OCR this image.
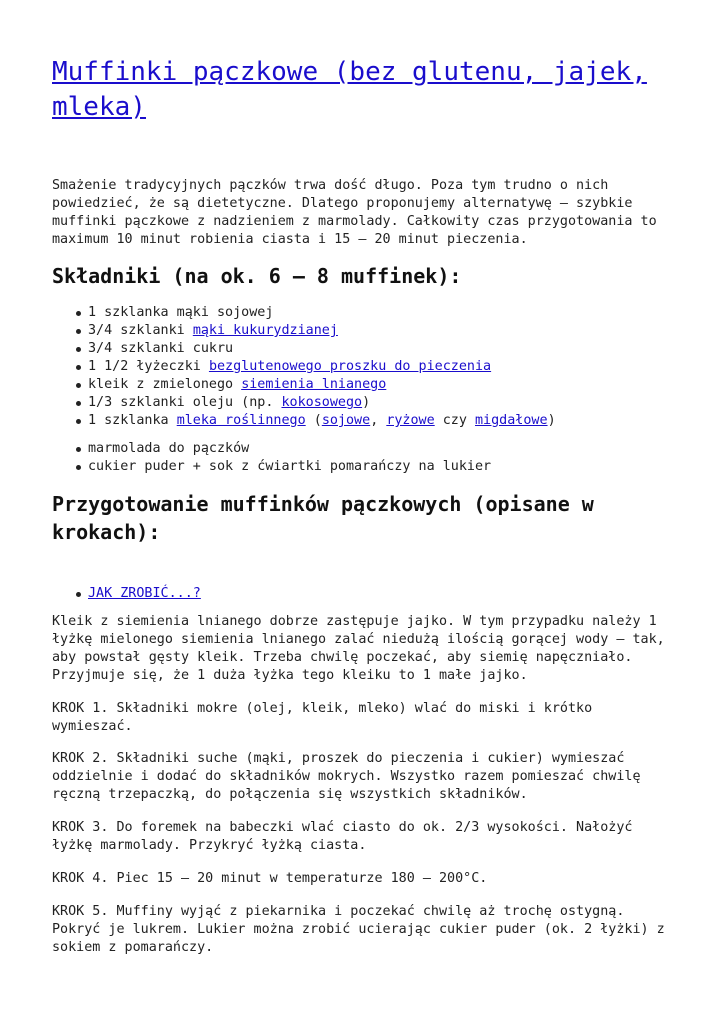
Muffinki pączkowe (bez glutenu, jajek, mleka)

Smażenie tradycyjnych pączków trwa dość długo. Poza tym trudno o nich powiedzieć, że są dietetyczne. Dlatego proponujemy alternatywę – szybkie muffinki pączkowe z nadzieniem z marmolady. Całkowity czas przygotowania to maximum 10 minut robienia ciasta i 15 – 20 minut pieczenia.

Składniki (na ok. 6 – 8 muffinek):
1 szklanka mąki sojowej
3/4 szklanki mąki kukurydzianej
3/4 szklanki cukru
1 1/2 łyżeczki bezglutenowego proszku do pieczenia
kleik z zmielonego siemienia lnianego
1/3 szklanki oleju (np. kokosowego)
1 szklanka mleka roślinnego (sojowe, ryżowe czy migdałowe)
marmolada do pączków
cukier puder + sok z ćwiartki pomarańczy na lukier
Przygotowanie muffinków pączkowych (opisane w krokach):
JAK ZROBIĆ...?

Kleik z siemienia lnianego dobrze zastępuje jajko. W tym przypadku należy 1 łyżkę mielonego siemienia lnianego zalać niedużą ilością gorącej wody – tak, aby powstał gęsty kleik. Trzeba chwilę poczekać, aby siemię napęczniało. Przyjmuje się, że 1 duża łyżka tego kleiku to 1 małe jajko.

KROK 1. Składniki mokre (olej, kleik, mleko) wlać do miski i krótko wymieszać.

KROK 2. Składniki suche (mąki, proszek do pieczenia i cukier) wymieszać oddzielnie i dodać do składników mokrych. Wszystko razem pomieszać chwilę ręczną trzepaczką, do połączenia się wszystkich składników.

KROK 3. Do foremek na babeczki wlać ciasto do ok. 2/3 wysokości. Nałożyć łyżkę marmolady. Przykryć łyżką ciasta.

KROK 4. Piec 15 – 20 minut w temperaturze 180 – 200°C.

KROK 5. Muffiny wyjąć z piekarnika i poczekać chwilę aż trochę ostygną. Pokryć je lukrem. Lukier można zrobić ucierając cukier puder (ok. 2 łyżki) z sokiem z pomarańczy.
